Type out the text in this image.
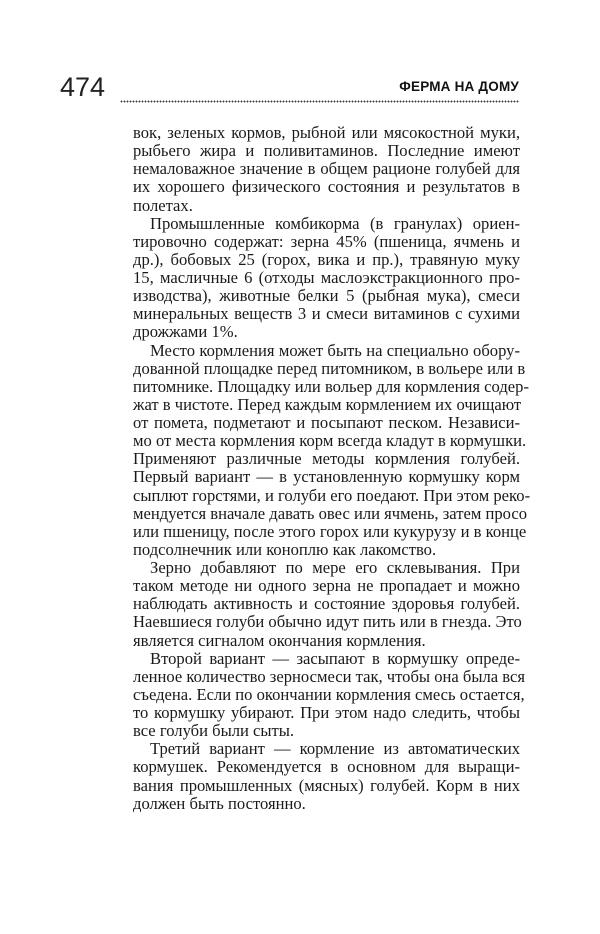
474	ФЕРМА НА ДОМУ
вок, зеленых кормов, рыбной или мясокостной муки,
рыбьего жира и поливитаминов. Последние имеют
немаловажное значение в общем рационе голубей для
их хорошего физического состояния и результатов в
полетах.
Промышленные комбикорма (в гранулах) ориен-
тировочно содержат: зерна 45% (пшеница, ячмень и
др.), бобовых 25 (горох, вика и пр.), травяную муку
15, масличные 6 (отходы маслоэкстракционного про-
изводства), животные белки 5 (рыбная мука), смеси
минеральных веществ 3 и смеси витаминов с сухими
дрожжами 1%.
Место кормления может быть на специально обору-
дованной площадке перед питомником, в вольере или в
питомнике. Площадку или вольер для кормления содер-
жат в чистоте. Перед каждым кормлением их очищают
от помета, подметают и посыпают песком. Независи-
мо от места кормления корм всегда кладут в кормушки.
Применяют различные методы кормления голубей.
Первый вариант — в установленную кормушку корм
сыплют горстями, и голуби его поедают. При этом реко-
мендуется вначале давать овес или ячмень, затем просо
или пшеницу, после этого горох или кукурузу и в конце
подсолнечник или коноплю как лакомство.
Зерно добавляют по мере его склевывания. При
таком методе ни одного зерна не пропадает и можно
наблюдать активность и состояние здоровья голубей.
Наевшиеся голуби обычно идут пить или в гнезда. Это
является сигналом окончания кормления.
Второй вариант — засыпают в кормушку опреде-
ленное количество зерносмеси так, чтобы она была вся
съедена. Если по окончании кормления смесь остается,
то кормушку убирают. При этом надо следить, чтобы
все голуби были сыты.
Третий вариант — кормление из автоматических
кормушек. Рекомендуется в основном для выращи-
вания промышленных (мясных) голубей. Корм в них
должен быть постоянно.
